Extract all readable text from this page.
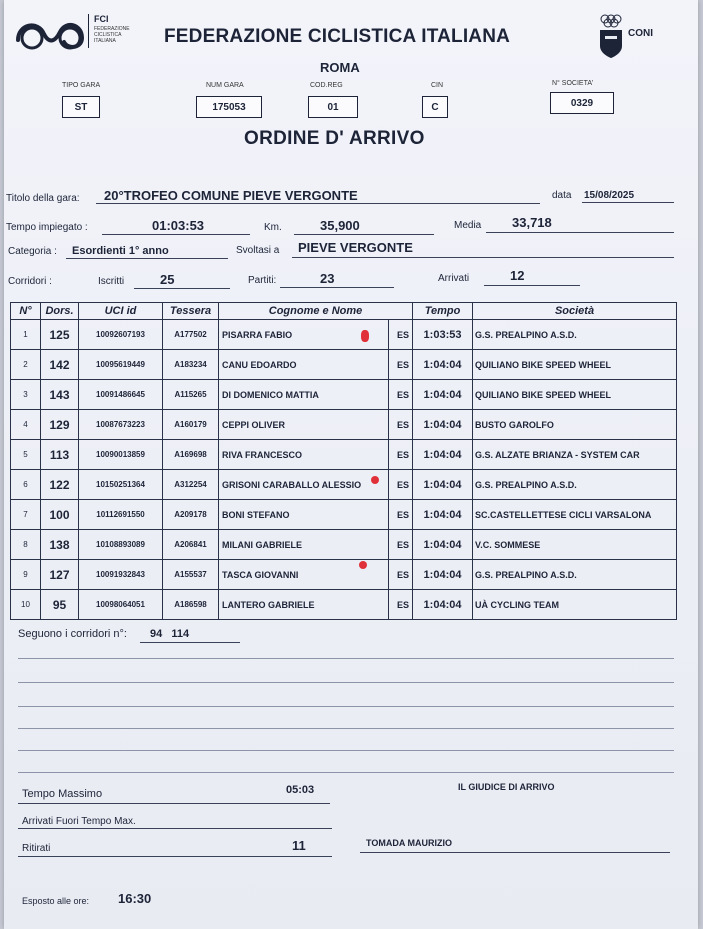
FCI
FEDERAZIONE CICLISTICA ITALIANA	FEDERAZIONE CICLISTICA ITALIANA	CONI
ROMA
TIPO GARA
ST
NUM GARA
175053
COD.REG
01
CIN
C
N° SOCIETA'
0329
ORDINE D' ARRIVO
Titolo della gara: 20°TROFEO COMUNE PIEVE VERGONTE	data 15/08/2025
Tempo impiegato :	01:03:53	Km.	35,900	Media 33,718
Categoria : Esordienti 1° anno	Svoltasi a PIEVE VERGONTE
Corridori :	Iscritti	25	Partiti:	23	Arrivati	12
N°	Dors.	UCI id	Tessera	Cognome e Nome		Tempo	Società
1	125	10092607193	A177502	PISARRA FABIO	ES	1:03:53	G.S. PREALPINO A.S.D.
2	142	10095619449	A183234	CANU EDOARDO	ES	1:04:04	QUILIANO BIKE SPEED WHEEL
3	143	10091486645	A115265	DI DOMENICO MATTIA	ES	1:04:04	QUILIANO BIKE SPEED WHEEL
4	129	10087673223	A160179	CEPPI OLIVER	ES	1:04:04	BUSTO GAROLFO
5	113	10090013859	A169698	RIVA FRANCESCO	ES	1:04:04	G.S. ALZATE BRIANZA - SYSTEM CAR
6	122	10150251364	A312254	GRISONI CARABALLO ALESSIO	ES	1:04:04	G.S. PREALPINO A.S.D.
7	100	10112691550	A209178	BONI STEFANO	ES	1:04:04	SC.CASTELLETTESE CICLI VARSALONA
8	138	10108893089	A206841	MILANI GABRIELE	ES	1:04:04	V.C. SOMMESE
9	127	10091932843	A155537	TASCA GIOVANNI	ES	1:04:04	G.S. PREALPINO A.S.D.
10	95	10098064051	A186598	LANTERO GABRIELE	ES	1:04:04	UÀ CYCLING TEAM
Seguono i corridori n°: 94   114
Tempo Massimo	05:03	IL GIUDICE DI ARRIVO
Arrivati Fuori Tempo Max.
Ritirati	11	TOMADA MAURIZIO
Esposto alle ore: 16:30
